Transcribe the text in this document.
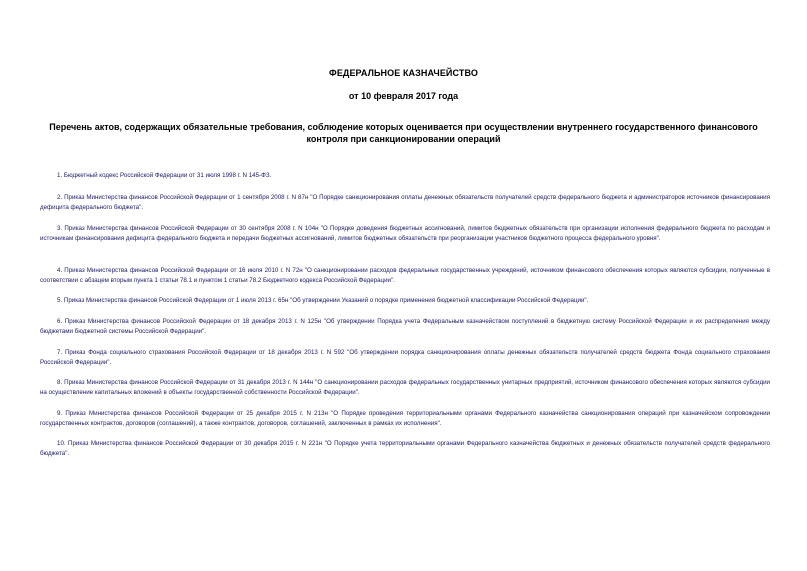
ФЕДЕРАЛЬНОЕ КАЗНАЧЕЙСТВО
от 10 февраля 2017 года
Перечень актов, содержащих обязательные требования, соблюдение которых оценивается при осуществлении внутреннего государственного финансового контроля при санкционировании операций
1. Бюджетный кодекс Российской Федерации от 31 июля 1998 г. N 145-ФЗ.
2. Приказ Министерства финансов Российской Федерации от 1 сентября 2008 г. N 87н "О Порядке санкционирования оплаты денежных обязательств получателей средств федерального бюджета и администраторов источников финансирования дефицита федерального бюджета".
3. Приказ Министерства финансов Российской Федерации от 30 сентября 2008 г. N 104н "О Порядке доведения бюджетных ассигнований, лимитов бюджетных обязательств при организации исполнения федерального бюджета по расходам и источникам финансирования дефицита федерального бюджета и передачи бюджетных ассигнований, лимитов бюджетных обязательств при реорганизации участников бюджетного процесса федерального уровня".
4. Приказ Министерства финансов Российской Федерации от 16 июля 2010 г. N 72н "О санкционировании расходов федеральных государственных учреждений, источником финансового обеспечения которых являются субсидии, полученные в соответствии с абзацем вторым пункта 1 статьи 78.1 и пунктом 1 статьи 78.2 Бюджетного кодекса Российской Федерации".
5. Приказ Министерства финансов Российской Федерации от 1 июля 2013 г. 65н "Об утверждении Указаний о порядке применения бюджетной классификации Российской Федерации".
6. Приказ Министерства финансов Российской Федерации от 18 декабря 2013 г. N 125н "Об утверждении Порядка учета Федеральным казначейством поступлений в бюджетную систему Российской Федерации и их распределения между бюджетами бюджетной системы Российской Федерации".
7. Приказ Фонда социального страхования Российской Федерации от 18 декабря 2013 г. N 592 "Об утверждении порядка санкционирования оплаты денежных обязательств получателей средств бюджета Фонда социального страхования Российской Федерации".
8. Приказ Министерства финансов Российской Федерации от 31 декабря 2013 г. N 144н "О санкционировании расходов федеральных государственных унитарных предприятий, источником финансового обеспечения которых являются субсидии на осуществление капитальных вложений в объекты государственной собственности Российской Федерации".
9. Приказ Министерства финансов Российской Федерации от 25 декабря 2015 г. N 213н "О Порядке проведения территориальными органами Федерального казначейства санкционирования операций при казначейском сопровождении государственных контрактов, договоров (соглашений), а также контрактов, договоров, соглашений, заключенных в рамках их исполнения".
10. Приказ Министерства финансов Российской Федерации от 30 декабря 2015 г. N 221н "О Порядке учета территориальными органами Федерального казначейства бюджетных и денежных обязательств получателей средств федерального бюджета".
